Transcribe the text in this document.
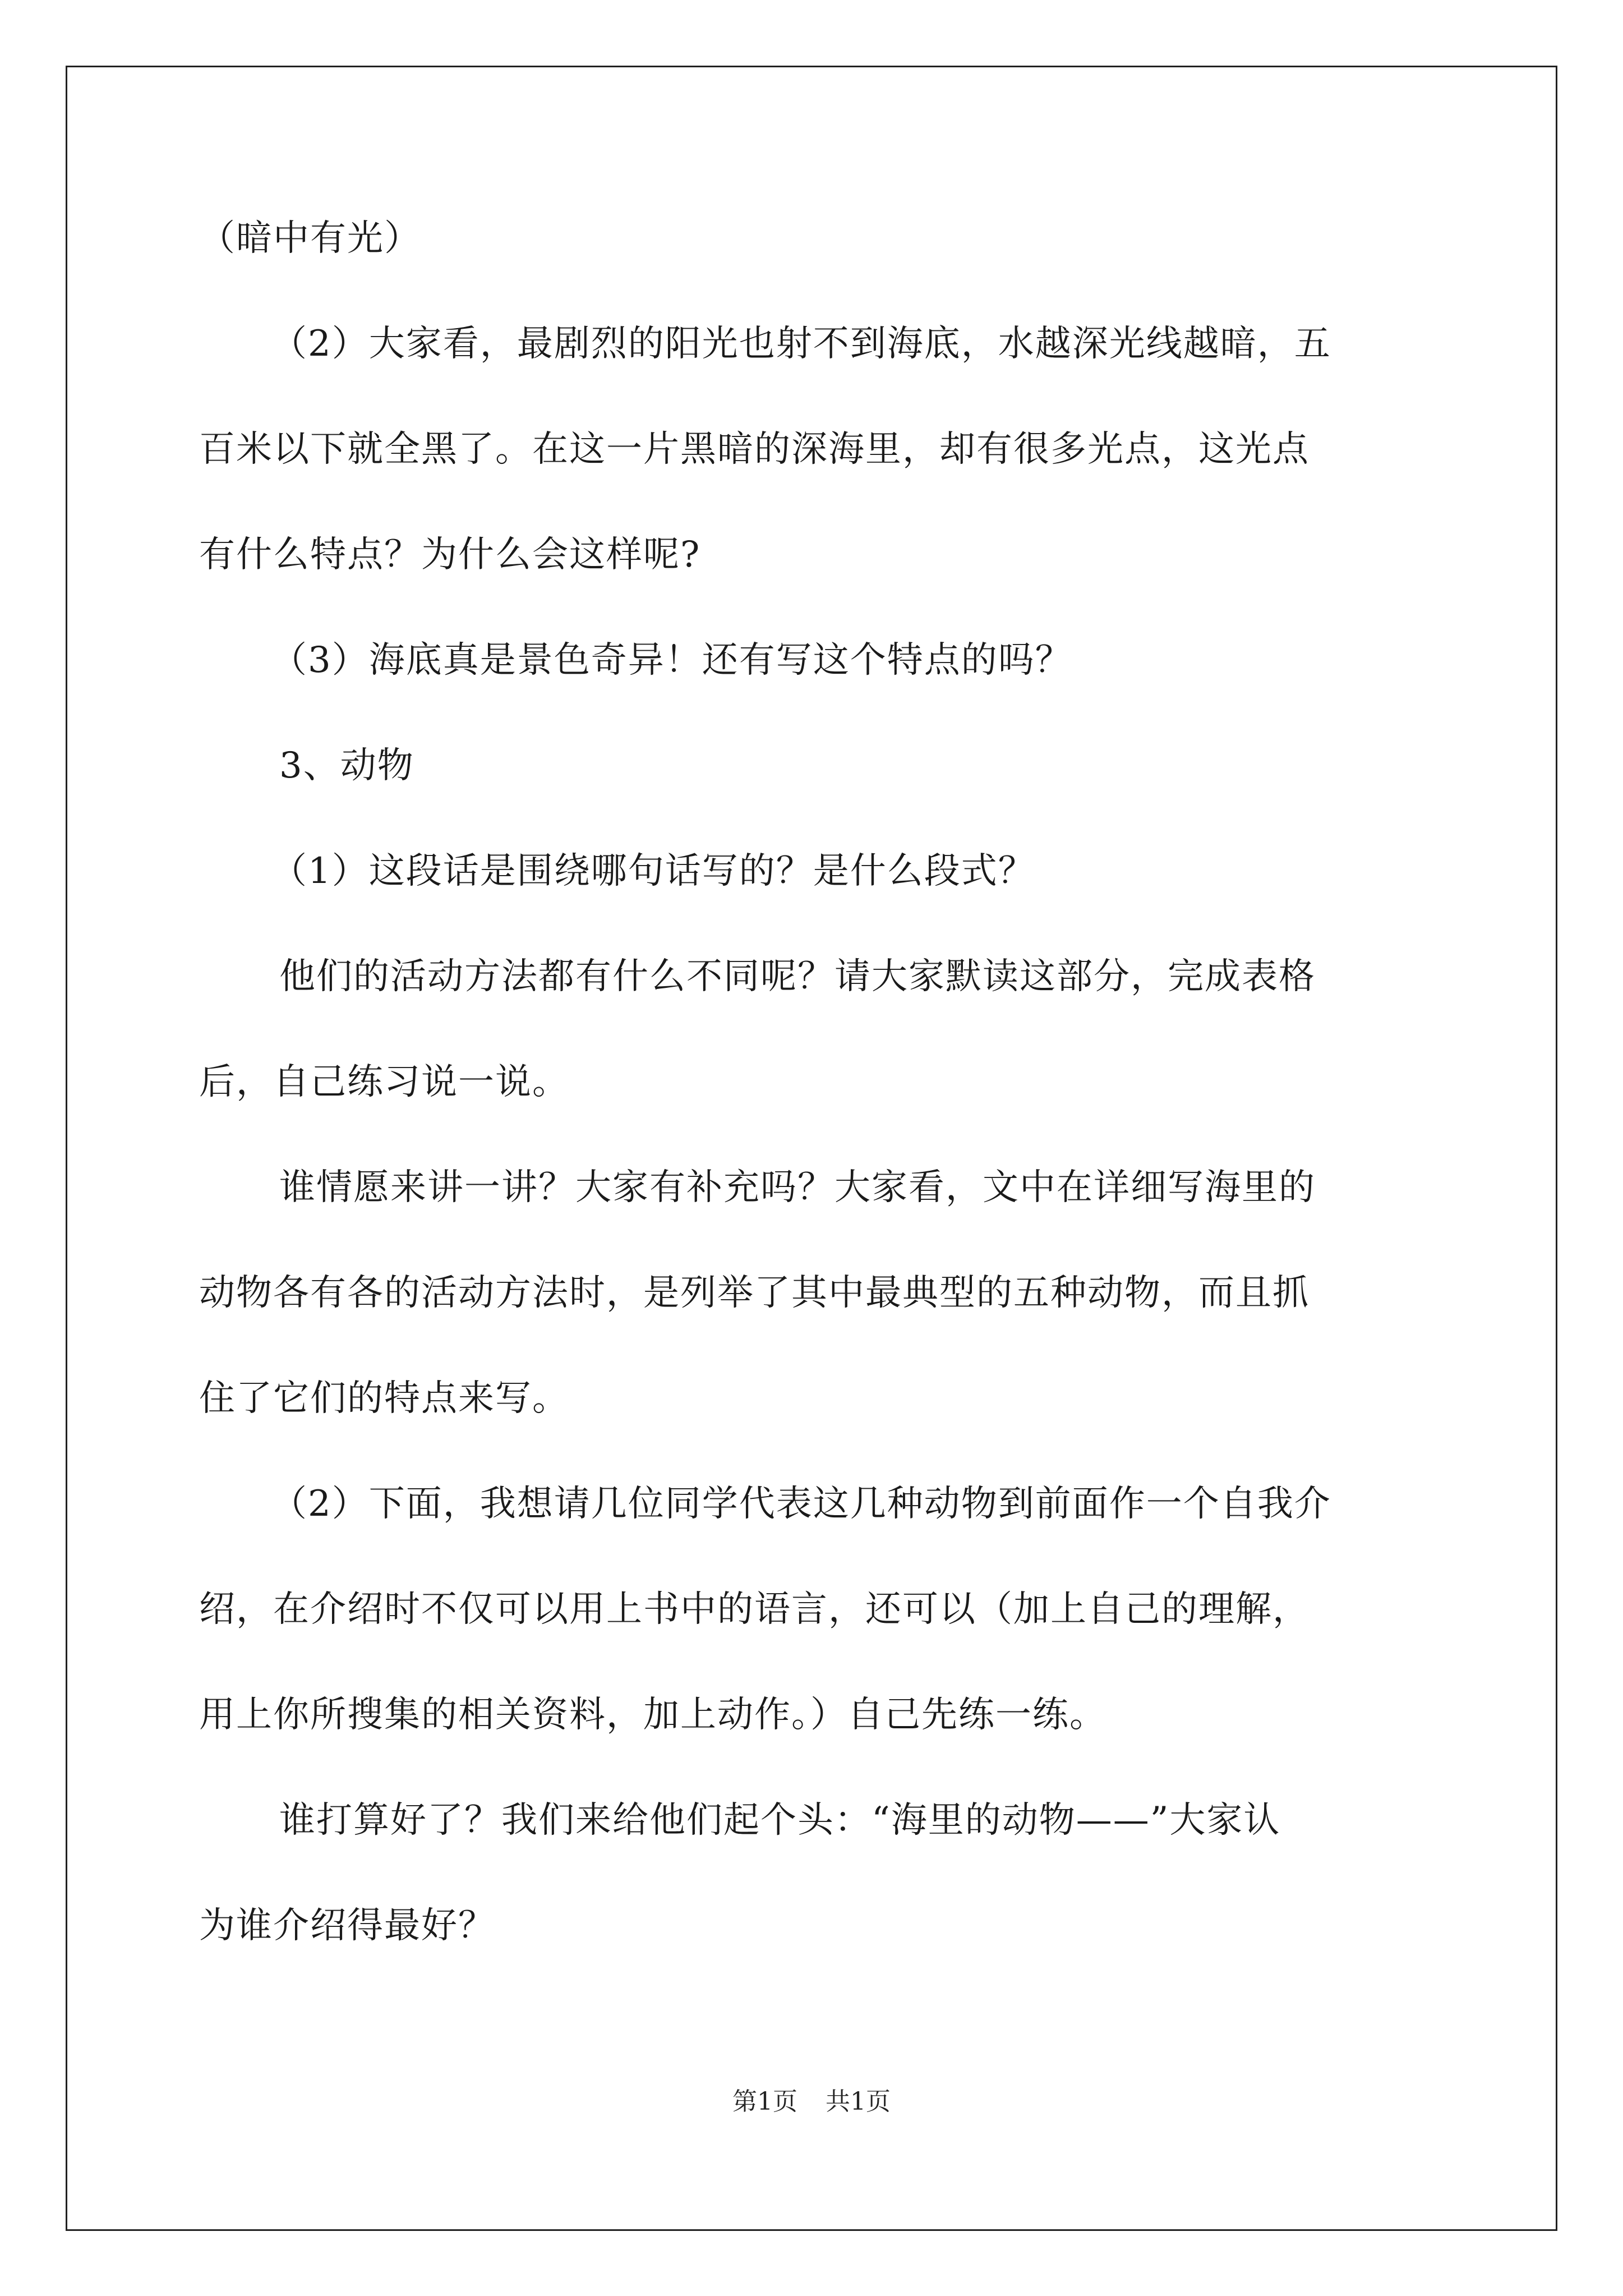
（暗中有光）
（2）大家看，最剧烈的阳光也射不到海底，水越深光线越暗，五
百米以下就全黑了。在这一片黑暗的深海里，却有很多光点，这光点
有什么特点？为什么会这样呢?
（3）海底真是景色奇异！还有写这个特点的吗？
3、动物
（1）这段话是围绕哪句话写的？是什么段式？
他们的活动方法都有什么不同呢？请大家默读这部分，完成表格
后，自己练习说一说。
谁情愿来讲一讲？大家有补充吗？大家看，文中在详细写海里的
动物各有各的活动方法时，是列举了其中最典型的五种动物，而且抓
住了它们的特点来写。
（2）下面，我想请几位同学代表这几种动物到前面作一个自我介
绍，在介绍时不仅可以用上书中的语言，还可以（加上自己的理解，
用上你所搜集的相关资料，加上动作。）自己先练一练。
谁打算好了？我们来给他们起个头：“海里的动物——”大家认
为谁介绍得最好？
第1页 共1页
